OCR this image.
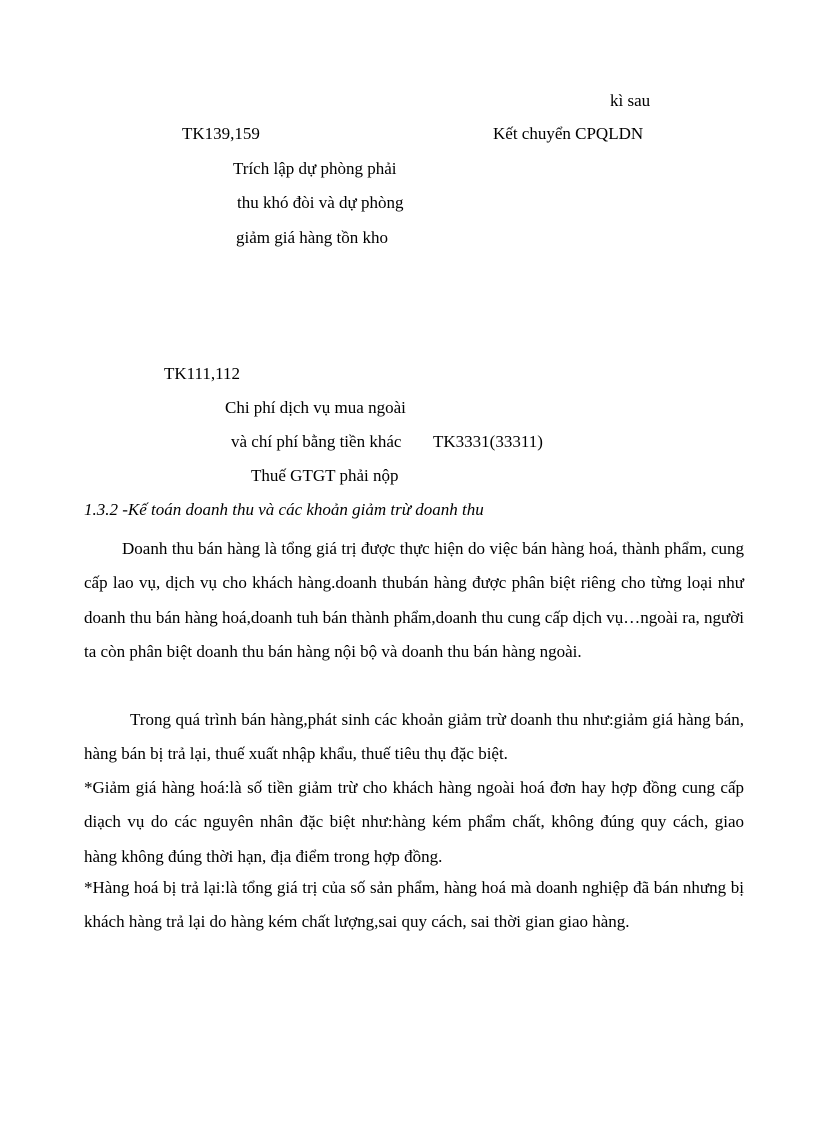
kì sau
TK139,159	Kết chuyển CPQLDN
Trích lập dự phòng phải
thu khó đòi và dự phòng
giảm giá hàng tồn kho
TK111,112
Chi phí dịch vụ mua ngoài
và chí phí bằng tiền khác TK3331(33311)
Thuế GTGT phải nộp
1.3.2 -Kế toán doanh thu và các khoản giảm trừ doanh thu
Doanh thu bán hàng là tổng giá trị được thực hiện do việc bán hàng hoá, thành phẩm, cung cấp lao vụ, dịch vụ cho khách hàng.doanh thubán hàng được phân biệt riêng cho từng loại như doanh thu bán hàng hoá,doanh tuh bán thành phẩm,doanh thu cung cấp dịch vụ…ngoài ra, người ta còn phân biệt doanh thu bán hàng nội bộ và doanh thu bán hàng ngoài.
Trong quá trình bán hàng,phát sinh các khoản giảm trừ doanh thu như:giảm giá hàng bán, hàng bán bị trả lại, thuế xuất nhập khẩu, thuế tiêu thụ đặc biệt.
*Giảm giá hàng hoá:là số tiền giảm trừ cho khách hàng ngoài hoá đơn hay hợp đồng cung cấp diạch vụ do các nguyên nhân đặc biệt như:hàng kém phẩm chất, không đúng quy cách, giao hàng không đúng thời hạn, địa điểm trong hợp đồng.
*Hàng hoá bị trả lại:là tổng giá trị của số sản phẩm, hàng hoá mà doanh nghiệp đã bán nhưng bị khách hàng trả lại do hàng kém chất lượng,sai quy cách, sai thời gian giao hàng.
